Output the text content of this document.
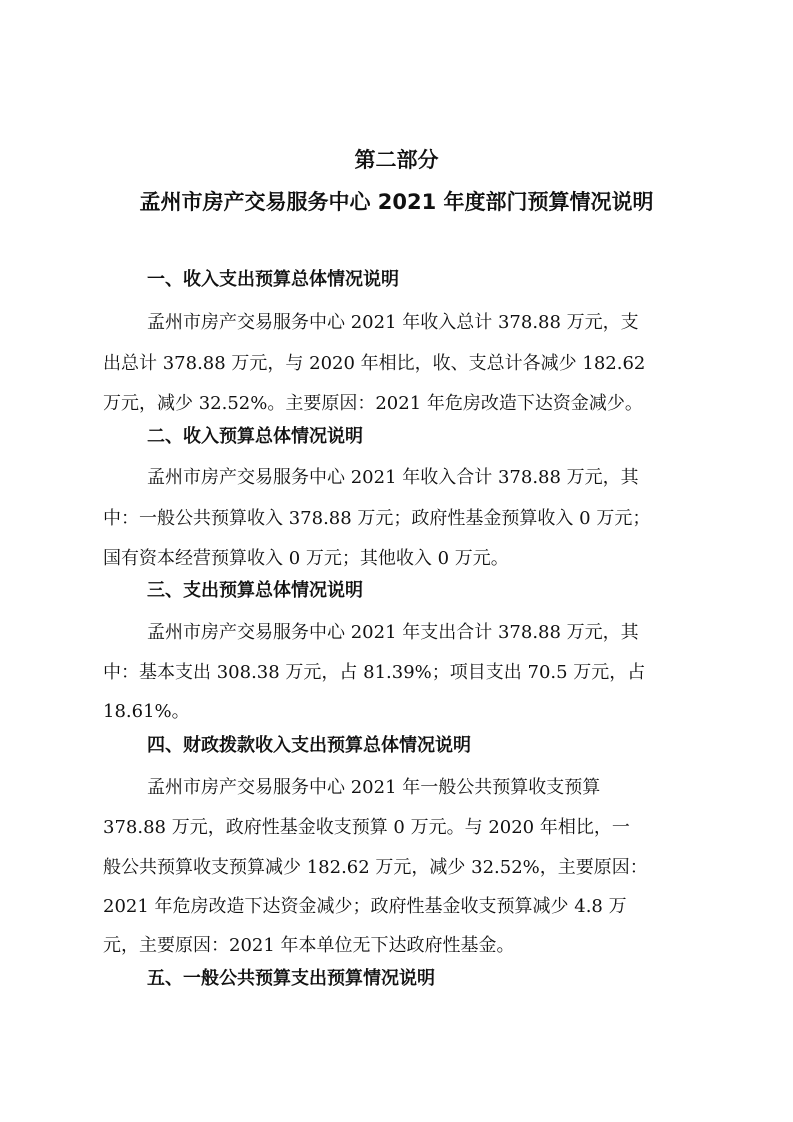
第二部分
孟州市房产交易服务中心 2021 年度部门预算情况说明
一、收入支出预算总体情况说明
孟州市房产交易服务中心 2021 年收入总计 378.88 万元，支
出总计 378.88 万元，与 2020 年相比，收、支总计各减少 182.62
万元，减少 32.52%。主要原因：2021 年危房改造下达资金减少。
二、收入预算总体情况说明
孟州市房产交易服务中心 2021 年收入合计 378.88 万元，其
中：一般公共预算收入 378.88 万元；政府性基金预算收入 0 万元；
国有资本经营预算收入 0 万元；其他收入 0 万元。
三、支出预算总体情况说明
孟州市房产交易服务中心 2021 年支出合计 378.88 万元，其
中：基本支出 308.38 万元，占 81.39%；项目支出 70.5 万元，占
18.61%。
四、财政拨款收入支出预算总体情况说明
孟州市房产交易服务中心 2021 年一般公共预算收支预算
378.88 万元，政府性基金收支预算 0 万元。与 2020 年相比，一
般公共预算收支预算减少 182.62 万元，减少 32.52%，主要原因：
2021 年危房改造下达资金减少；政府性基金收支预算减少 4.8 万
元，主要原因：2021 年本单位无下达政府性基金。
五、一般公共预算支出预算情况说明
